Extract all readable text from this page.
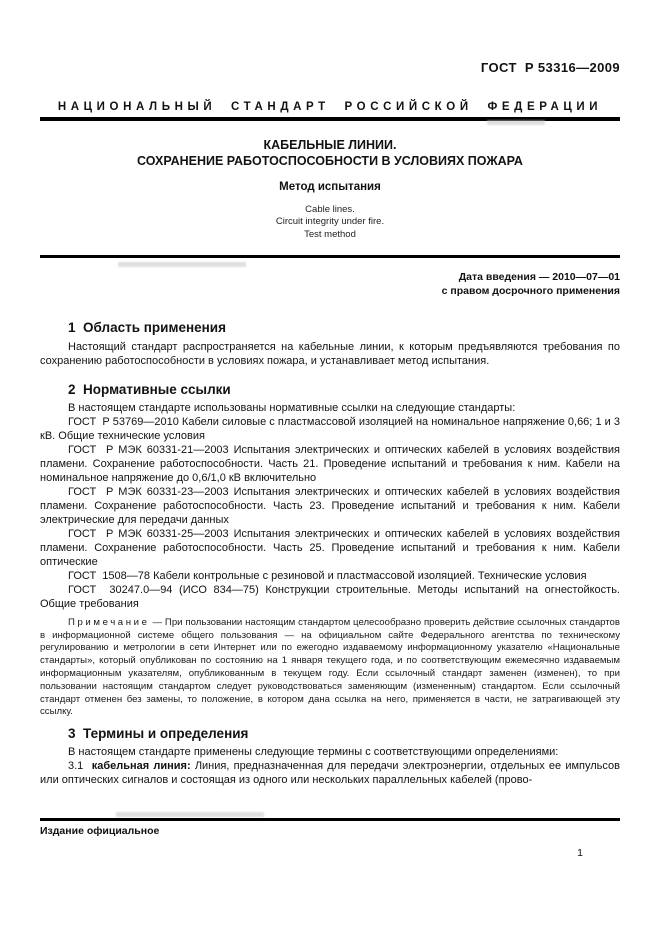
ГОСТ  Р 53316—2009
НАЦИОНАЛЬНЫЙ СТАНДАРТ РОССИЙСКОЙ ФЕДЕРАЦИИ
КАБЕЛЬНЫЕ ЛИНИИ.
СОХРАНЕНИЕ РАБОТОСПОСОБНОСТИ В УСЛОВИЯХ ПОЖАРА
Метод испытания
Cable lines.
Circuit integrity under fire.
Test method
Дата введения — 2010—07—01
с правом досрочного применения
1  Область применения

Настоящий стандарт распространяется на кабельные линии, к которым предъявляются требования по сохранению работоспособности в условиях пожара, и устанавливает метод испытания.

2  Нормативные ссылки

В настоящем стандарте использованы нормативные ссылки на следующие стандарты:

ГОСТ  Р 53769—2010 Кабели силовые с пластмассовой изоляцией на номинальное напряжение 0,66; 1 и 3 кВ. Общие технические условия

ГОСТ  Р МЭК 60331-21—2003 Испытания электрических и оптических кабелей в условиях воздействия пламени. Сохранение работоспособности. Часть 21. Проведение испытаний и требования к ним. Кабели на номинальное напряжение до 0,6/1,0 кВ включительно

ГОСТ  Р МЭК 60331-23—2003 Испытания электрических и оптических кабелей в условиях воздействия пламени. Сохранение работоспособности. Часть 23. Проведение испытаний и требования к ним. Кабели электрические для передачи данных

ГОСТ  Р МЭК 60331-25—2003 Испытания электрических и оптических кабелей в условиях воздействия пламени. Сохранение работоспособности. Часть 25. Проведение испытаний и требования к ним. Кабели оптические

ГОСТ  1508—78 Кабели контрольные с резиновой и пластмассовой изоляцией. Технические условия

ГОСТ  30247.0—94 (ИСО 834—75) Конструкции строительные. Методы испытаний на огнестойкость. Общие требования

Примечание — При пользовании настоящим стандартом целесообразно проверить действие ссылочных стандартов в информационной системе общего пользования — на официальном сайте Федерального агентства по техническому регулированию и метрологии в сети Интернет или по ежегодно издаваемому информационному указателю «Национальные стандарты», который опубликован по состоянию на 1 января текущего года, и по соответствующим ежемесячно издаваемым информационным указателям, опубликованным в текущем году. Если ссылочный стандарт заменен (изменен), то при пользовании настоящим стандартом следует руководствоваться заменяющим (измененным) стандартом. Если ссылочный стандарт отменен без замены, то положение, в котором дана ссылка на него, применяется в части, не затрагивающей эту ссылку.

3  Термины и определения

В настоящем стандарте применены следующие термины с соответствующими определениями:

3.1 кабельная линия: Линия, предназначенная для передачи электроэнергии, отдельных ее импульсов или оптических сигналов и состоящая из одного или нескольких параллельных кабелей (прово-

Издание официальное
1
